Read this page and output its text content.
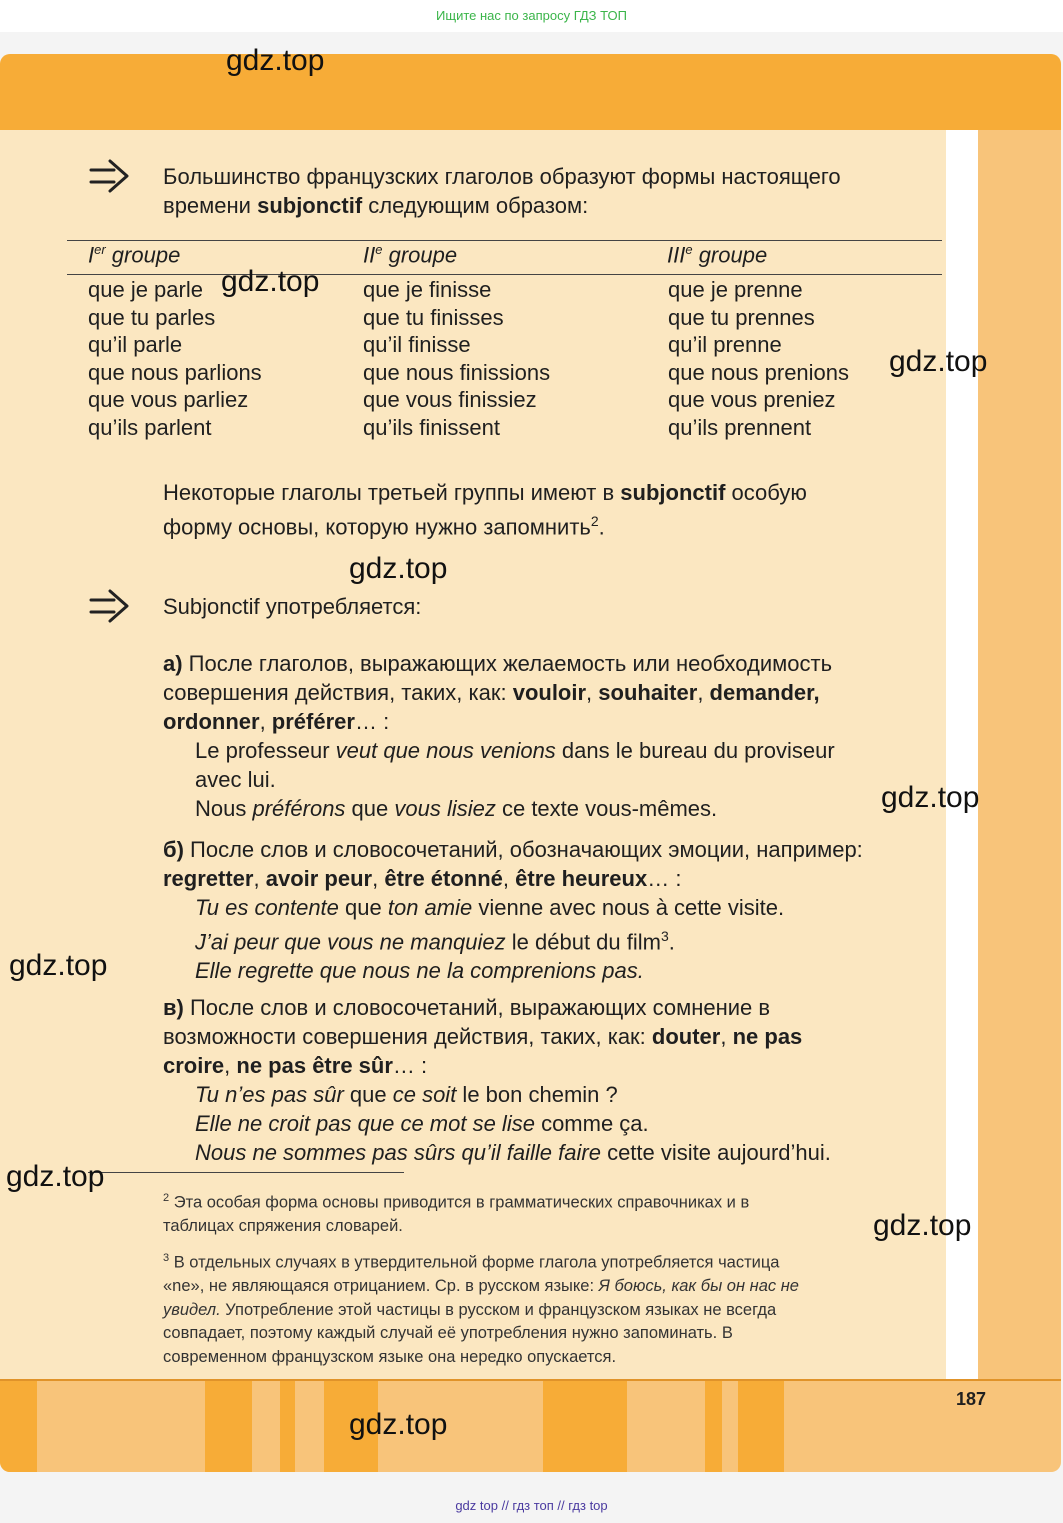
Ищите нас по запросу ГДЗ ТОП
187
Большинство французских глаголов образуют формы настоящего
времени subjonctif следующим образом:
Ier groupe	IIe groupe	IIIe groupe
que je parle
que tu parles
qu’il parle
que nous parlions
que vous parliez
qu’ils parlent
que je finisse
que tu finisses
qu’il finisse
que nous finissions
que vous finissiez
qu’ils finissent
que je prenne
que tu prennes
qu’il prenne
que nous prenions
que vous preniez
qu’ils prennent
Некоторые глаголы третьей группы имеют в subjonctif особую
форму основы, которую нужно запомнить$^2$.
Subjonctif употребляется:
а) После глаголов, выражающих желаемость или необходимость
совершения действия, таких, как: vouloir, souhaiter, demander,
ordonner, préférer… :
Le professeur veut que nous venions dans le bureau du proviseur
avec lui.
Nous préférons que vous lisiez ce texte vous-mêmes.
б) После слов и словосочетаний, обозначающих эмоции, например:
regretter, avoir peur, être étonné, être heureux… :
Tu es contente que ton amie vienne avec nous à cette visite.
J’ai peur que vous ne manquiez le début du film$^3$.
Elle regrette que nous ne la comprenions pas.
в) После слов и словосочетаний, выражающих сомнение в
возможности совершения действия, таких, как: douter, ne pas
croire, ne pas être sûr… :
Tu n’es pas sûr que ce soit le bon chemin ?
Elle ne croit pas que ce mot se lise comme ça.
Nous ne sommes pas sûrs qu’il faille faire cette visite aujourd’hui.
$^2$ Эта особая форма основы приводится в грамматических справочниках и в
таблицах спряжения словарей.
$^3$ В отдельных случаях в утвердительной форме глагола употребляется частица
«ne», не являющаяся отрицанием. Ср. в русском языке: Я боюсь, как бы он нас не
увидел. Употребление этой частицы в русском и французском языках не всегда
совпадает, поэтому каждый случай её употребления нужно запоминать. В
современном французском языке она нередко опускается.
gdz.top
gdz.top
gdz.top
gdz.top
gdz.top
gdz.top
gdz.top
gdz.top
gdz.top
gdz top // гдз топ // гдз top
